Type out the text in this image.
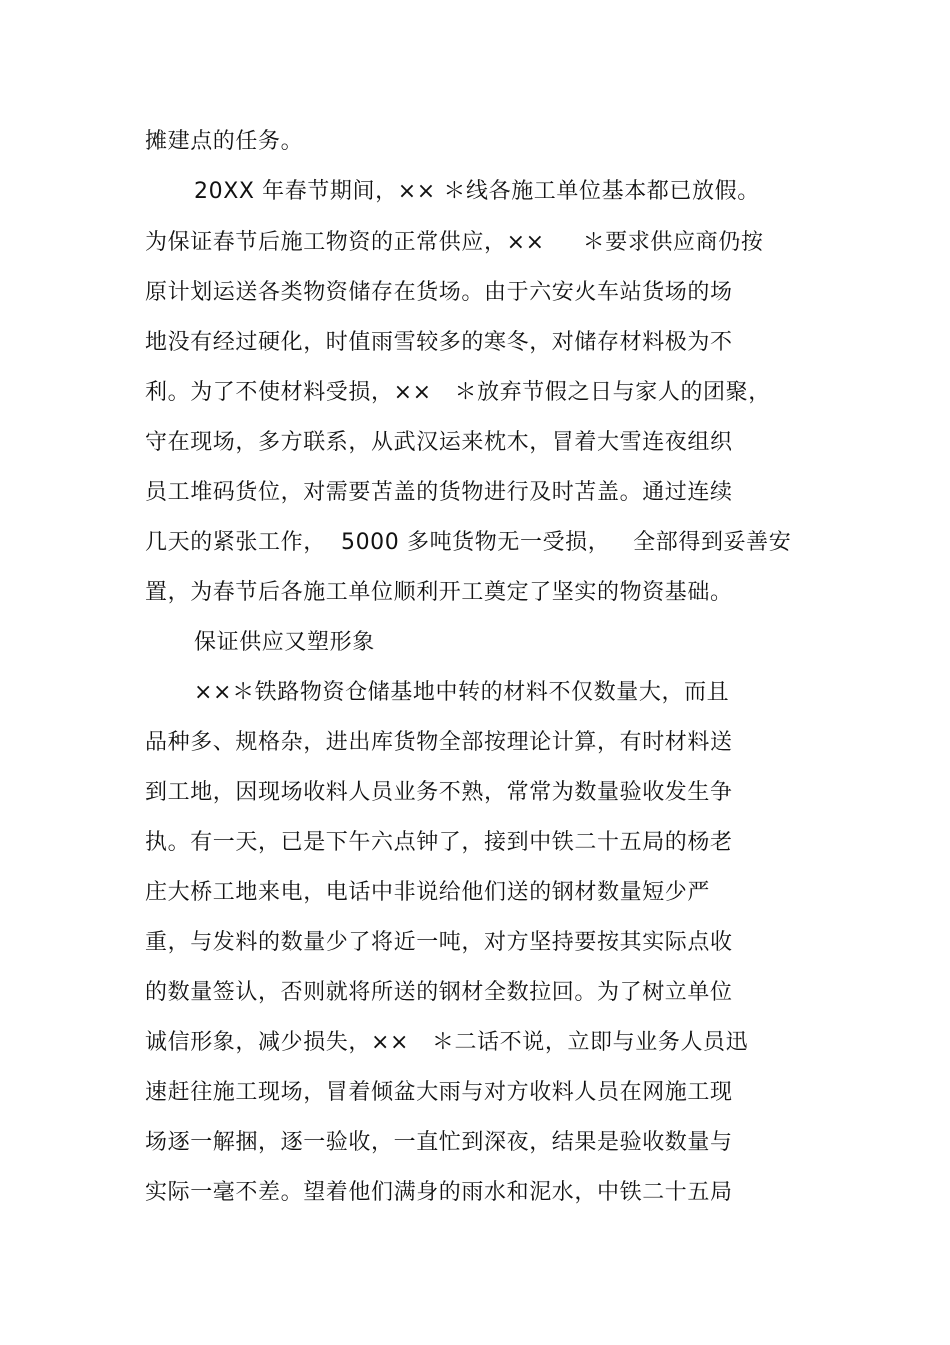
摊建点的任务。
20XX 年春节期间，×× ＊线各施工单位基本都已放假。
为保证春节后施工物资的正常供应，××     ＊要求供应商仍按
原计划运送各类物资储存在货场。由于六安火车站货场的场
地没有经过硬化，时值雨雪较多的寒冬，对储存材料极为不
利。为了不使材料受损，××   ＊放弃节假之日与家人的团聚，
守在现场，多方联系，从武汉运来枕木，冒着大雪连夜组织
员工堆码货位，对需要苫盖的货物进行及时苫盖。通过连续
几天的紧张工作，  5000 多吨货物无一受损，   全部得到妥善安
置，为春节后各施工单位顺利开工奠定了坚实的物资基础。
保证供应又塑形象
××＊铁路物资仓储基地中转的材料不仅数量大，而且
品种多、规格杂，进出库货物全部按理论计算，有时材料送
到工地，因现场收料人员业务不熟，常常为数量验收发生争
执。有一天，已是下午六点钟了，接到中铁二十五局的杨老
庄大桥工地来电，电话中非说给他们送的钢材数量短少严
重，与发料的数量少了将近一吨，对方坚持要按其实际点收
的数量签认，否则就将所送的钢材全数拉回。为了树立单位
诚信形象，减少损失，××   ＊二话不说，立即与业务人员迅
速赶往施工现场，冒着倾盆大雨与对方收料人员在网施工现
场逐一解捆，逐一验收，一直忙到深夜，结果是验收数量与
实际一毫不差。望着他们满身的雨水和泥水，中铁二十五局
